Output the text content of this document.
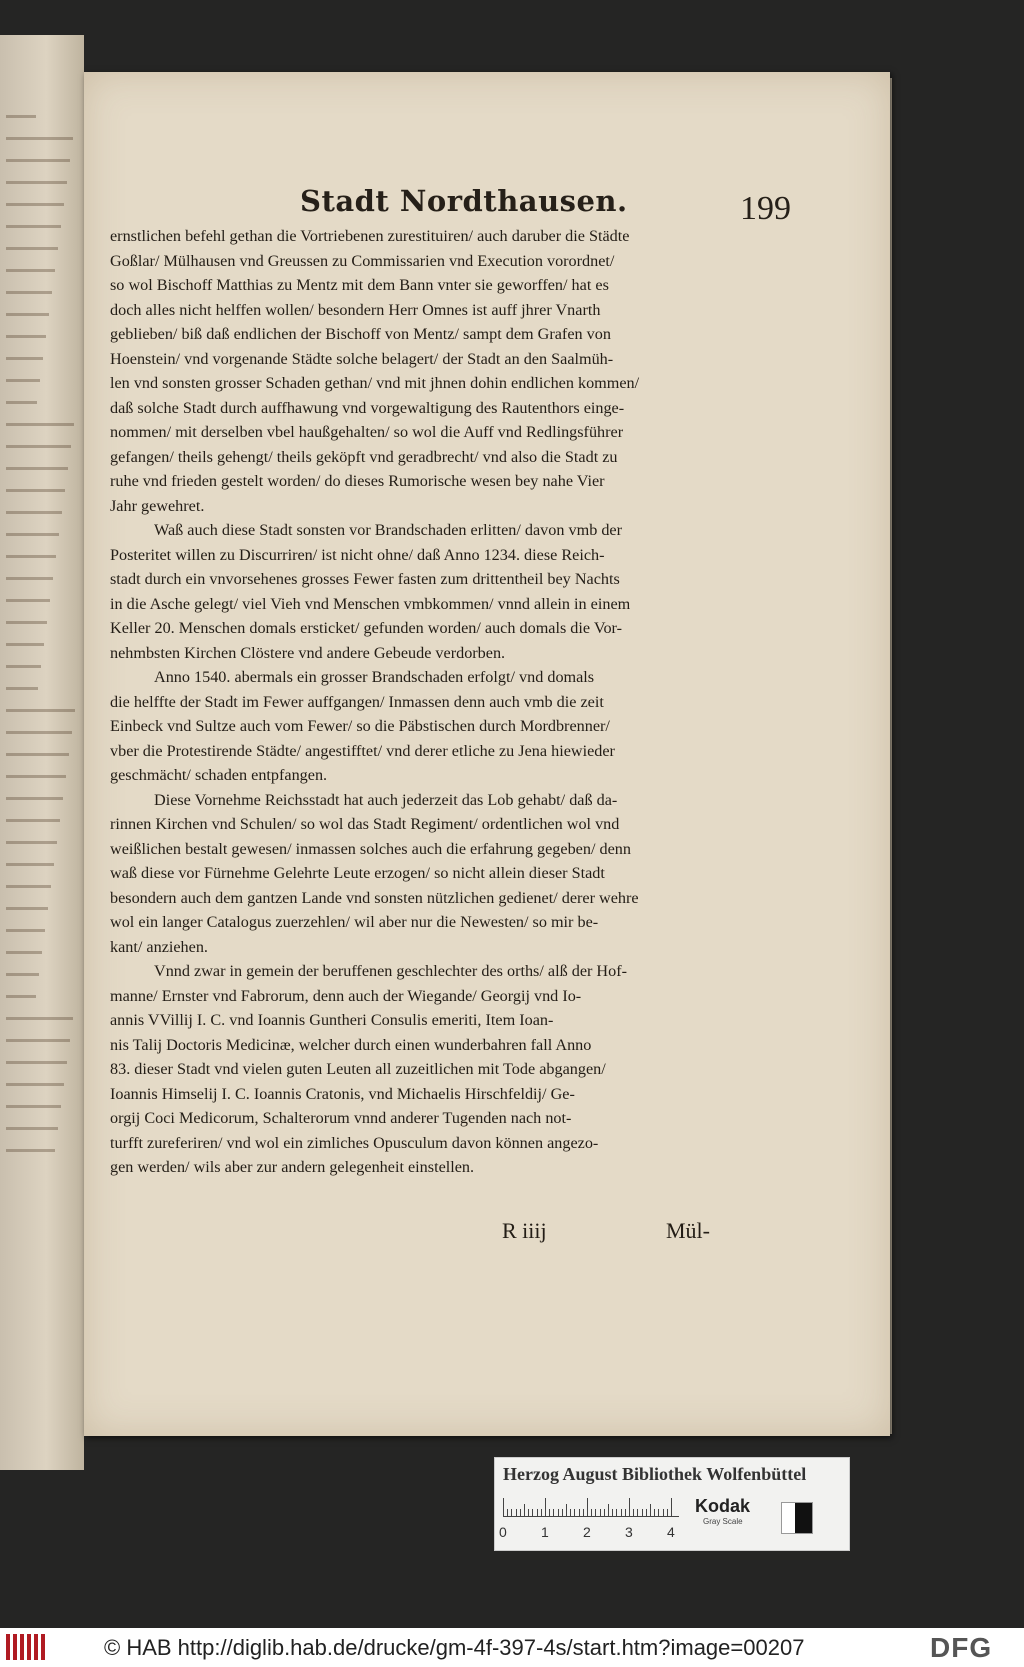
Stadt Nordthausen.	199
ernstlichen befehl gethan die Vortriebenen zurestituiren/ auch daruber die Städte
Goßlar/ Mülhausen vnd Greussen zu Commissarien vnd Execution vorordnet/
so wol Bischoff Matthias zu Mentz mit dem Bann vnter sie geworffen/ hat es
doch alles nicht helffen wollen/ besondern Herr Omnes ist auff jhrer Vnarth
geblieben/ biß daß endlichen der Bischoff von Mentz/ sampt dem Grafen von
Hoenstein/ vnd vorgenande Städte solche belagert/ der Stadt an den Saalmüh-
len vnd sonsten grosser Schaden gethan/ vnd mit jhnen dohin endlichen kommen/
daß solche Stadt durch auffhawung vnd vorgewaltigung des Rautenthors einge-
nommen/ mit derselben vbel haußgehalten/ so wol die Auff vnd Redlingsführer
gefangen/ theils gehengt/ theils geköpft vnd geradbrecht/ vnd also die Stadt zu
ruhe vnd frieden gestelt worden/ do dieses Rumorische wesen bey nahe Vier
Jahr gewehret.
Waß auch diese Stadt sonsten vor Brandschaden erlitten/ davon vmb der
Posteritet willen zu Discurriren/ ist nicht ohne/ daß Anno 1234. diese Reich-
stadt durch ein vnvorsehenes grosses Fewer fasten zum drittentheil bey Nachts
in die Asche gelegt/ viel Vieh vnd Menschen vmbkommen/ vnnd allein in einem
Keller 20. Menschen domals ersticket/ gefunden worden/ auch domals die Vor-
nehmbsten Kirchen Clöstere vnd andere Gebeude verdorben.
Anno 1540. abermals ein grosser Brandschaden erfolgt/ vnd domals
die helffte der Stadt im Fewer auffgangen/ Inmassen denn auch vmb die zeit
Einbeck vnd Sultze auch vom Fewer/ so die Päbstischen durch Mordbrenner/
vber die Protestirende Städte/ angestifftet/ vnd derer etliche zu Jena hiewieder
geschmächt/ schaden entpfangen.
Diese Vornehme Reichsstadt hat auch jederzeit das Lob gehabt/ daß da-
rinnen Kirchen vnd Schulen/ so wol das Stadt Regiment/ ordentlichen wol vnd
weißlichen bestalt gewesen/ inmassen solches auch die erfahrung gegeben/ denn
waß diese vor Fürnehme Gelehrte Leute erzogen/ so nicht allein dieser Stadt
besondern auch dem gantzen Lande vnd sonsten nützlichen gedienet/ derer wehre
wol ein langer Catalogus zuerzehlen/ wil aber nur die Newesten/ so mir be-
kant/ anziehen.
Vnnd zwar in gemein der beruffenen geschlechter des orths/ alß der Hof-
manne/ Ernster vnd Fabrorum, denn auch der Wiegande/ Georgij vnd Io-
annis VVillij I. C. vnd Ioannis Guntheri Consulis emeriti, Item Ioan-
nis Talij Doctoris Medicinæ, welcher durch einen wunderbahren fall Anno
83. dieser Stadt vnd vielen guten Leuten all zuzeitlichen mit Tode abgangen/
Ioannis Himselij I. C. Ioannis Cratonis, vnd Michaelis Hirschfeldij/ Ge-
orgij Coci Medicorum, Schalterorum vnnd anderer Tugenden nach not-
turfft zureferiren/ vnd wol ein zimliches Opusculum davon können angezo-
gen werden/ wils aber zur andern gelegenheit einstellen.
R iiij	Mül-
Herzog August Bibliothek Wolfenbüttel
0 1 2 3 4
Kodak
Gray Scale
© HAB http://diglib.hab.de/drucke/gm-4f-397-4s/start.htm?image=00207	DFG
